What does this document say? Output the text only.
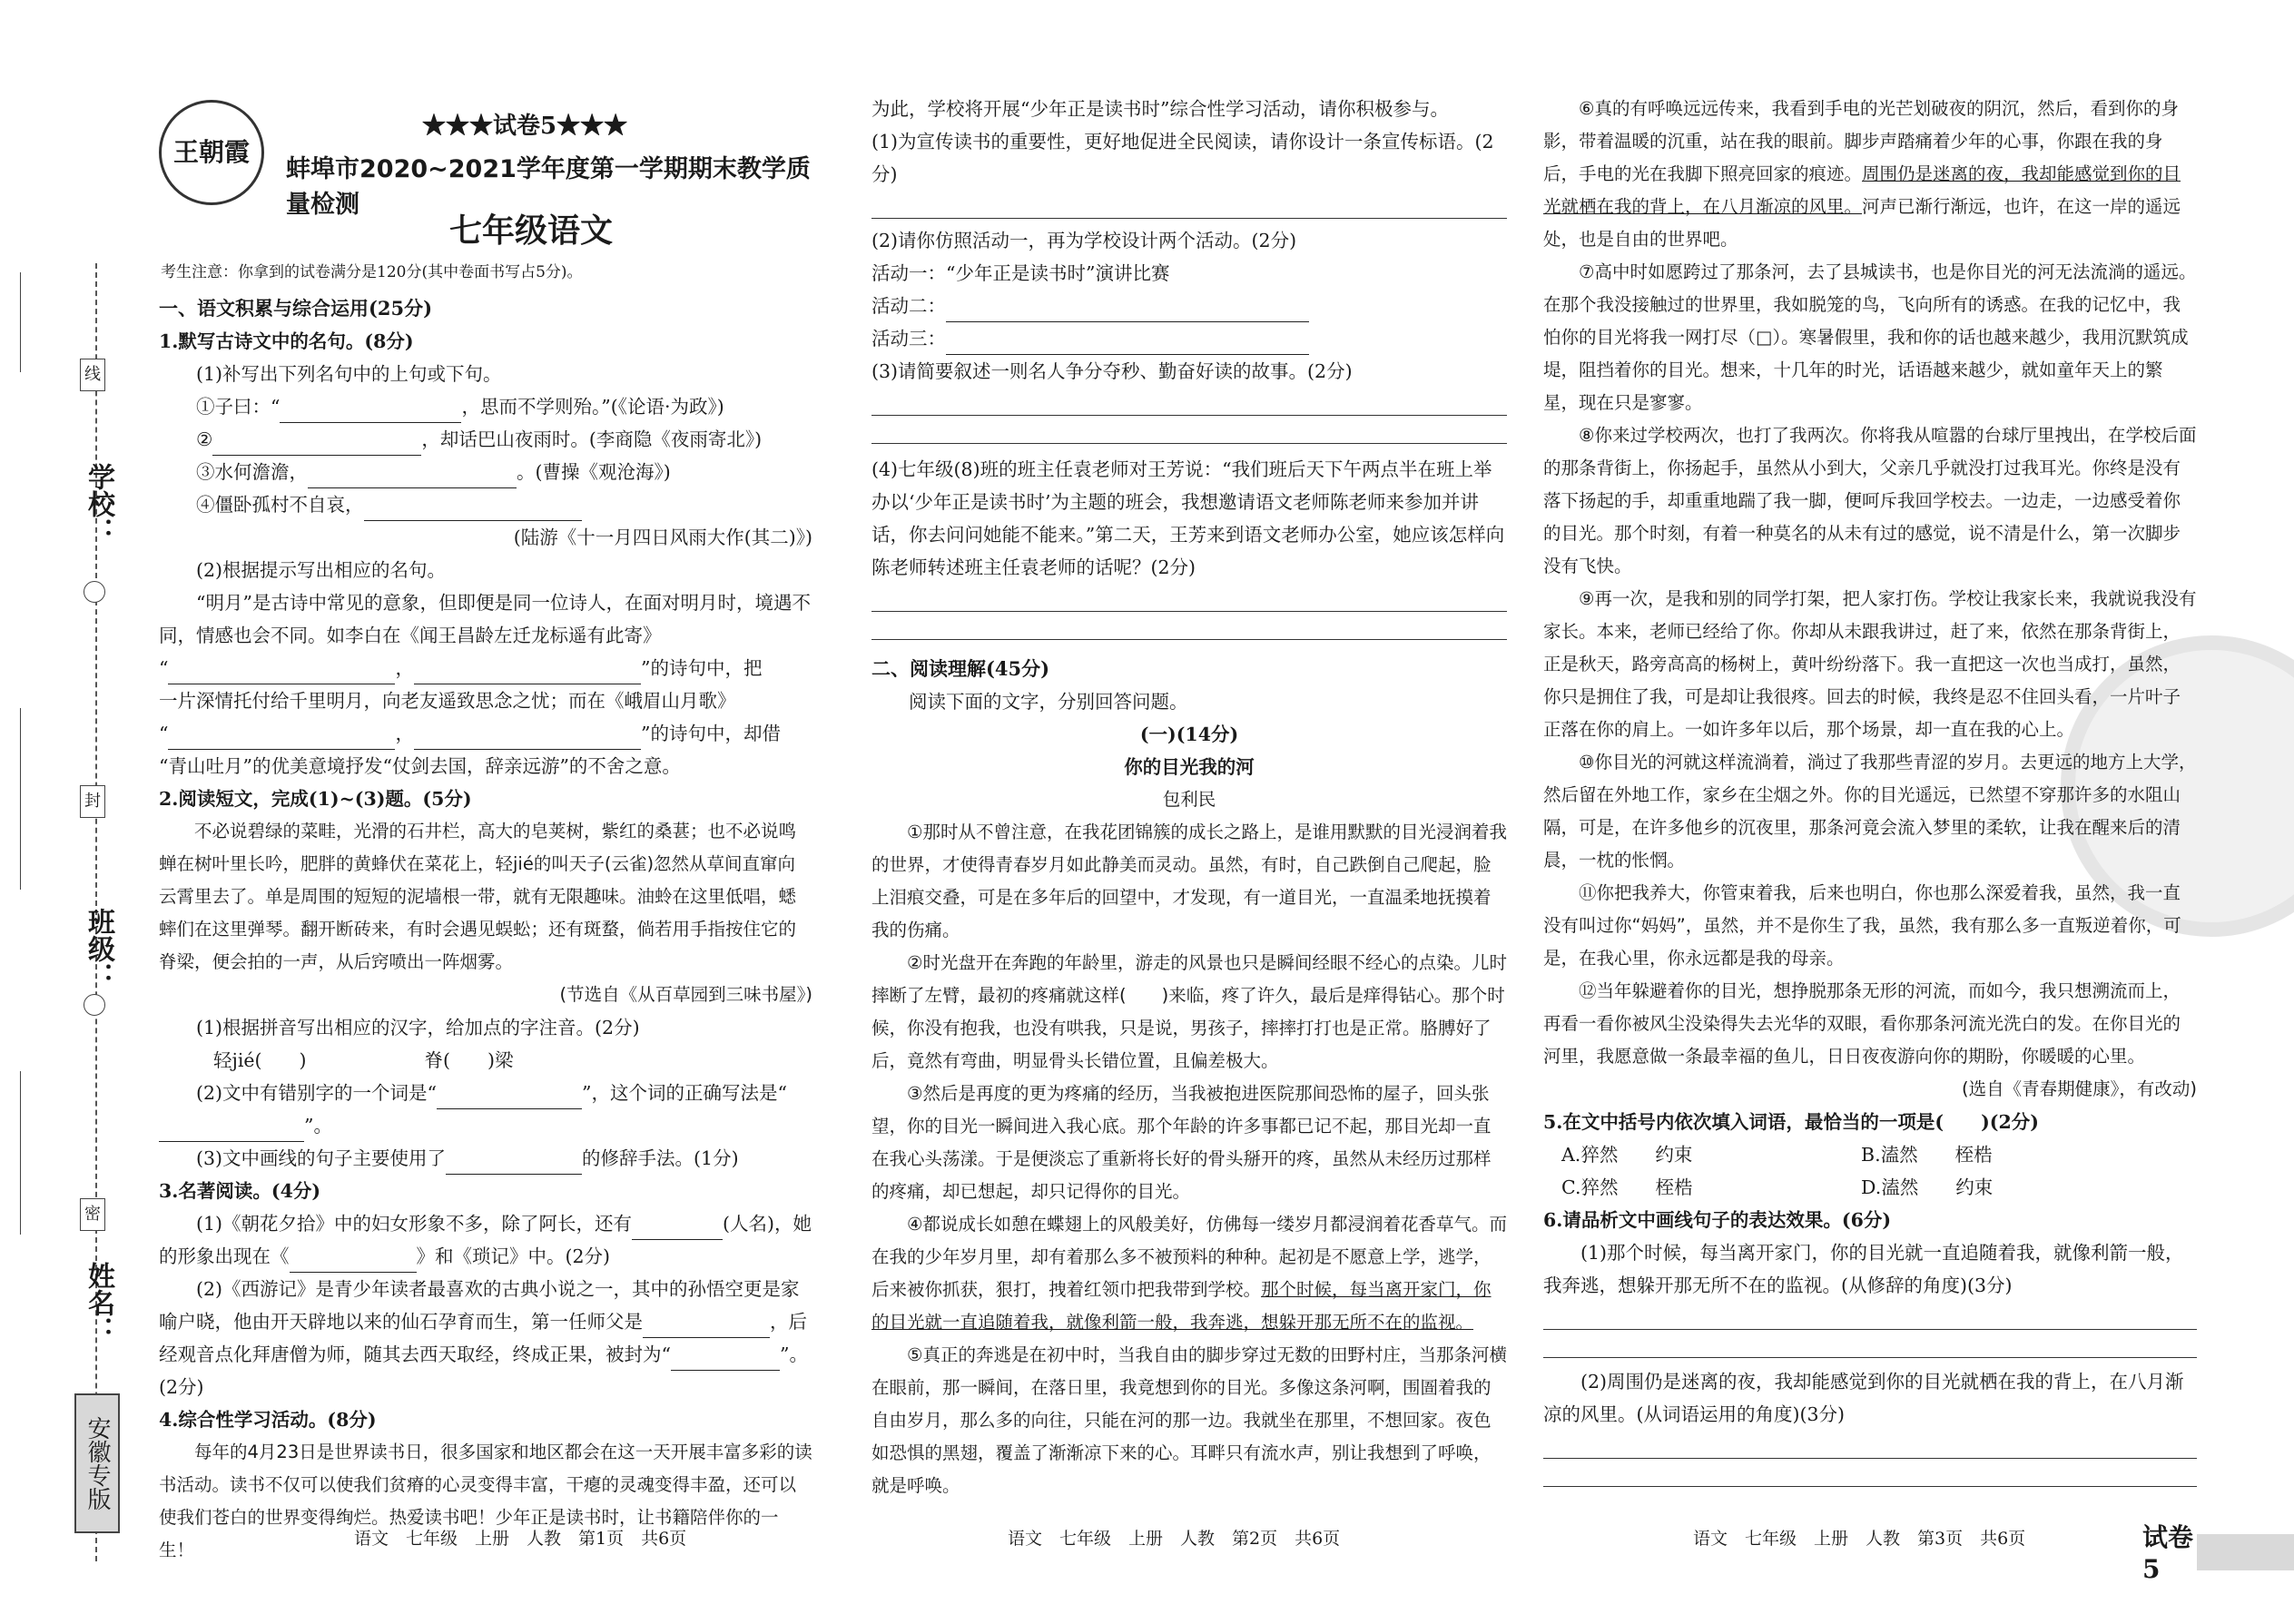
学校：
班级：
姓名：
线
封
密
安徽专版
王朝霞
★★★试卷5★★★
蚌埠市2020~2021学年度第一学期期末教学质量检测
七年级语文
考生注意：你拿到的试卷满分是120分(其中卷面书写占5分)。

一、语文积累与综合运用(25分)

1.默写古诗文中的名句。(8分)

(1)补写出下列名句中的上句或下句。

①子曰：“	，思而不学则殆。”(《论语·为政》)

②	，却话巴山夜雨时。(李商隐《夜雨寄北》)

③水何澹澹，	。(曹操《观沧海》)

④僵卧孤村不自哀，

(陆游《十一月四日风雨大作(其二)》)

(2)根据提示写出相应的名句。

“明月”是古诗中常见的意象，但即便是同一位诗人，在面对明月时，境遇不同，情感也会不同。如李白在《闻王昌龄左迁龙标遥有此寄》

“	，	”的诗句中，把

一片深情托付给千里明月，向老友遥致思念之忧；而在《峨眉山月歌》

“	，	”的诗句中，却借

“青山吐月”的优美意境抒发“仗剑去国，辞亲远游”的不舍之意。

2.阅读短文，完成(1)~(3)题。(5分)

不必说碧绿的菜畦，光滑的石井栏，高大的皂荚树，紫红的桑葚；也不必说鸣蝉在树叶里长吟，肥胖的黄蜂伏在菜花上，轻jié的叫天子(云雀)忽然从草间直窜向云霄里去了。单是周围的短短的泥墙根一带，就有无限趣味。油蛉在这里低唱，蟋蟀们在这里弹琴。翻开断砖来，有时会遇见蜈蚣；还有斑蝥，倘若用手指按住它的脊梁，便会拍的一声，从后窍喷出一阵烟雾。

(节选自《从百草园到三味书屋》)

(1)根据拼音写出相应的汉字，给加点的字注音。(2分)

轻jié(　　)	脊(　　)梁

(2)文中有错别字的一个词是“	”，这个词的正确写法是“”。

(3)文中画线的句子主要使用了	的修辞手法。(1分)

3.名著阅读。(4分)

(1)《朝花夕拾》中的妇女形象不多，除了阿长，还有	(人名)，她的形象出现在《	》和《琐记》中。(2分)

(2)《西游记》是青少年读者最喜欢的古典小说之一，其中的孙悟空更是家喻户晓，他由开天辟地以来的仙石孕育而生，第一任师父是	，后经观音点化拜唐僧为师，随其去西天取经，终成正果，被封为“	”。(2分)

4.综合性学习活动。(8分)

每年的4月23日是世界读书日，很多国家和地区都会在这一天开展丰富多彩的读书活动。读书不仅可以使我们贫瘠的心灵变得丰富，干瘪的灵魂变得丰盈，还可以使我们苍白的世界变得绚烂。热爱读书吧！少年正是读书时，让书籍陪伴你的一生！

语文　七年级　上册　人教　第1页　共6页

为此，学校将开展“少年正是读书时”综合性学习活动，请你积极参与。

(1)为宣传读书的重要性，更好地促进全民阅读，请你设计一条宣传标语。(2分)

(2)请你仿照活动一，再为学校设计两个活动。(2分)

活动一：“少年正是读书时”演讲比赛

活动二：

活动三：

(3)请简要叙述一则名人争分夺秒、勤奋好读的故事。(2分)

(4)七年级(8)班的班主任袁老师对王芳说：“我们班后天下午两点半在班上举办以‘少年正是读书时’为主题的班会，我想邀请语文老师陈老师来参加并讲话，你去问问她能不能来。”第二天，王芳来到语文老师办公室，她应该怎样向陈老师转述班主任袁老师的话呢？(2分)

二、阅读理解(45分)

阅读下面的文字，分别回答问题。

(一)(14分)

你的目光我的河

包利民

①那时从不曾注意，在我花团锦簇的成长之路上，是谁用默默的目光浸润着我的世界，才使得青春岁月如此静美而灵动。虽然，有时，自己跌倒自己爬起，脸上泪痕交叠，可是在多年后的回望中，才发现，有一道目光，一直温柔地抚摸着我的伤痛。

②时光盘开在奔跑的年龄里，游走的风景也只是瞬间经眼不经心的点染。儿时摔断了左臂，最初的疼痛就这样(　　)来临，疼了许久，最后是痒得钻心。那个时候，你没有抱我，也没有哄我，只是说，男孩子，摔摔打打也是正常。胳膊好了后，竟然有弯曲，明显骨头长错位置，且偏差极大。

③然后是再度的更为疼痛的经历，当我被抱进医院那间恐怖的屋子，回头张望，你的目光一瞬间进入我心底。那个年龄的许多事都已记不起，那目光却一直在我心头荡漾。于是便淡忘了重新将长好的骨头掰开的疼，虽然从未经历过那样的疼痛，却已想起，却只记得你的目光。

④都说成长如憩在蝶翅上的风般美好，仿佛每一缕岁月都浸润着花香草气。而在我的少年岁月里，却有着那么多不被预料的种种。起初是不愿意上学，逃学，后来被你抓获，狠打，拽着红领巾把我带到学校。那个时候，每当离开家门，你的目光就一直追随着我，就像利箭一般，我奔逃，想躲开那无所不在的监视。

⑤真正的奔逃是在初中时，当我自由的脚步穿过无数的田野村庄，当那条河横在眼前，那一瞬间，在落日里，我竟想到你的目光。多像这条河啊，围圄着我的自由岁月，那么多的向往，只能在河的那一边。我就坐在那里，不想回家。夜色如恐惧的黑翅，覆盖了渐渐凉下来的心。耳畔只有流水声，别让我想到了呼唤，就是呼唤。

语文　七年级　上册　人教　第2页　共6页

⑥真的有呼唤远远传来，我看到手电的光芒划破夜的阴沉，然后，看到你的身影，带着温暖的沉重，站在我的眼前。脚步声踏痛着少年的心事，你跟在我的身后，手电的光在我脚下照亮回家的痕迹。周围仍是迷离的夜，我却能感觉到你的目光就栖在我的背上，在八月渐凉的风里。河声已渐行渐远，也许，在这一岸的遥远处，也是自由的世界吧。

⑦高中时如愿跨过了那条河，去了县城读书，也是你目光的河无法流淌的遥远。在那个我没接触过的世界里，我如脱笼的鸟，飞向所有的诱惑。在我的记忆中，我怕你的目光将我一网打尽（□）。寒暑假里，我和你的话也越来越少，我用沉默筑成堤，阻挡着你的目光。想来，十几年的时光，话语越来越少，就如童年天上的繁星，现在只是寥寥。

⑧你来过学校两次，也打了我两次。你将我从喧嚣的台球厅里拽出，在学校后面的那条背街上，你扬起手，虽然从小到大，父亲几乎就没打过我耳光。你终是没有落下扬起的手，却重重地踹了我一脚，便呵斥我回学校去。一边走，一边感受着你的目光。那个时刻，有着一种莫名的从未有过的感觉，说不清是什么，第一次脚步没有飞快。

⑨再一次，是我和别的同学打架，把人家打伤。学校让我家长来，我就说我没有家长。本来，老师已经给了你。你却从未跟我讲过，赶了来，依然在那条背街上，正是秋天，路旁高高的杨树上，黄叶纷纷落下。我一直把这一次也当成打，虽然，你只是拥住了我，可是却让我很疼。回去的时候，我终是忍不住回头看，一片叶子正落在你的肩上。一如许多年以后，那个场景，却一直在我的心上。

⑩你目光的河就这样流淌着，淌过了我那些青涩的岁月。去更远的地方上大学，然后留在外地工作，家乡在尘烟之外。你的目光遥远，已然望不穿那许多的水阻山隔，可是，在许多他乡的沉夜里，那条河竟会流入梦里的柔软，让我在醒来后的清晨，一枕的怅惘。

⑪你把我养大，你管束着我，后来也明白，你也那么深爱着我，虽然，我一直没有叫过你“妈妈”，虽然，并不是你生了我，虽然，我有那么多一直叛逆着你，可是，在我心里，你永远都是我的母亲。

⑫当年躲避着你的目光，想挣脱那条无形的河流，而如今，我只想溯流而上，再看一看你被风尘没染得失去光华的双眼，看你那条河流光洗白的发。在你目光的河里，我愿意做一条最幸福的鱼儿，日日夜夜游向你的期盼，你暖暖的心里。

(选自《青春期健康》，有改动)

5.在文中括号内依次填入词语，最恰当的一项是(　　)(2分)

A.猝然　　约束	B.溘然　　桎梏

C.猝然　　桎梏	D.溘然　　约束

6.请品析文中画线句子的表达效果。(6分)

(1)那个时候，每当离开家门，你的目光就一直追随着我，就像利箭一般，我奔逃，想躲开那无所不在的监视。(从修辞的角度)(3分)

(2)周围仍是迷离的夜，我却能感觉到你的目光就栖在我的背上，在八月渐凉的风里。(从词语运用的角度)(3分)

语文　七年级　上册　人教　第3页　共6页	试卷5
